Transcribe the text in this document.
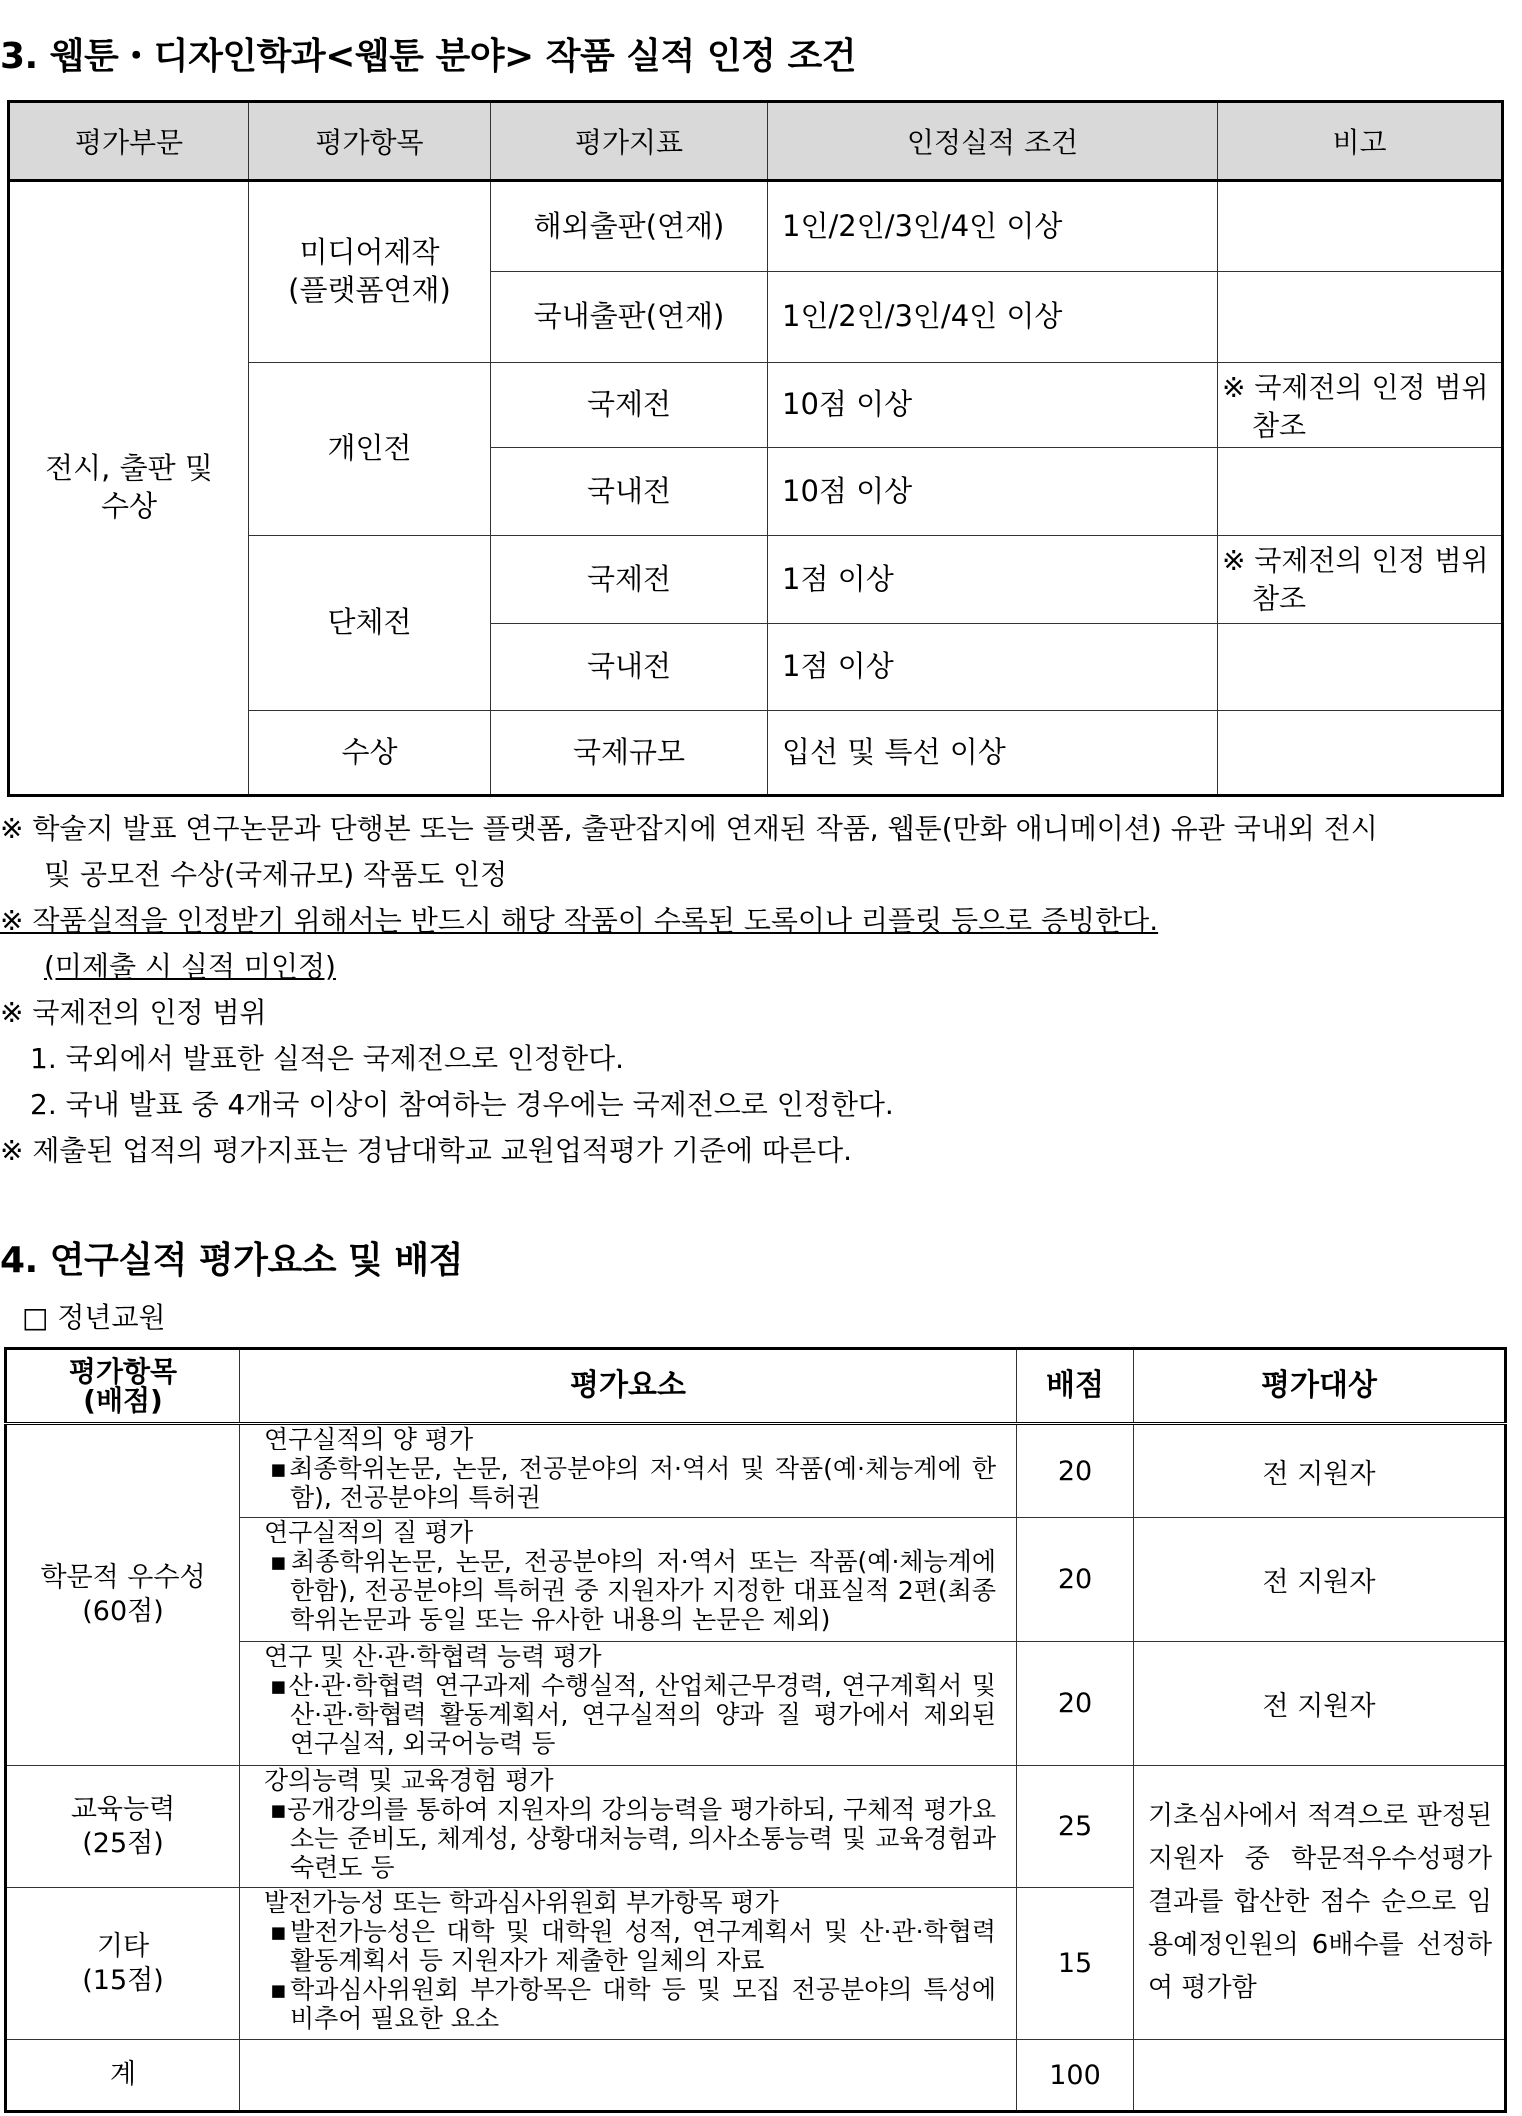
3. 웹툰・디자인학과<웹툰 분야> 작품 실적 인정 조건
평가부문	평가항목	평가지표	인정실적 조건	비고
전시, 출판 및 수상	미디어제작 (플랫폼연재)	해외출판(연재)	1인/2인/3인/4인 이상	
		국내출판(연재)	1인/2인/3인/4인 이상	
	개인전	국제전	10점 이상	※ 국제전의 인정 범위
참조

		국내전	10점 이상	
	단체전	국제전	1점 이상	※ 국제전의 인정 범위
참조

		국내전	1점 이상	
	수상	국제규모	입선 및 특선 이상	
※ 학술지 발표 연구논문과 단행본 또는 플랫폼, 출판잡지에 연재된 작품, 웹툰(만화 애니메이션) 유관 국내외 전시
및 공모전 수상(국제규모) 작품도 인정
※ 작품실적을 인정받기 위해서는 반드시 해당 작품이 수록된 도록이나 리플릿 등으로 증빙한다.
(미제출 시 실적 미인정)
※ 국제전의 인정 범위
1. 국외에서 발표한 실적은 국제전으로 인정한다.
2. 국내 발표 중 4개국 이상이 참여하는 경우에는 국제전으로 인정한다.
※ 제출된 업적의 평가지표는 경남대학교 교원업적평가 기준에 따른다.
4. 연구실적 평가요소 및 배점
□ 정년교원
평가항목
(배점)	평가요소	배점	평가대상
학문적 우수성
(60점)	연구실적의 양 평가
▪최종학위논문, 논문, 전공분야의 저·역서 및 작품(예·체능계에 한함), 전공분야의 특허권	20	전 지원자

	연구실적의 질 평가
▪최종학위논문, 논문, 전공분야의 저·역서 또는 작품(예·체능계에 한함), 전공분야의 특허권 중 지원자가 지정한 대표실적 2편(최종학위논문과 동일 또는 유사한 내용의 논문은 제외)	20	전 지원자

	연구 및 산·관·학협력 능력 평가
▪산·관·학협력 연구과제 수행실적, 산업체근무경력, 연구계획서 및 산·관·학협력 활동계획서, 연구실적의 양과 질 평가에서 제외된 연구실적, 외국어능력 등	20	전 지원자
교육능력
(25점)	강의능력 및 교육경험 평가
▪공개강의를 통하여 지원자의 강의능력을 평가하되, 구체적 평가요소는 준비도, 체계성, 상황대처능력, 의사소통능력 및 교육경험과 숙련도 등	25	기초심사에서 적격으로 판정된 지원자 중 학문적우수성평가 결과를 합산한 점수 순으로 임용예정인원의 6배수를 선정하여 평가함
기타
(15점)	발전가능성 또는 학과심사위원회 부가항목 평가
▪발전가능성은 대학 및 대학원 성적, 연구계획서 및 산·관·학협력 활동계획서 등 지원자가 제출한 일체의 자료
▪학과심사위원회 부가항목은 대학 등 및 모집 전공분야의 특성에 비추어 필요한 요소	15	
계		100	
